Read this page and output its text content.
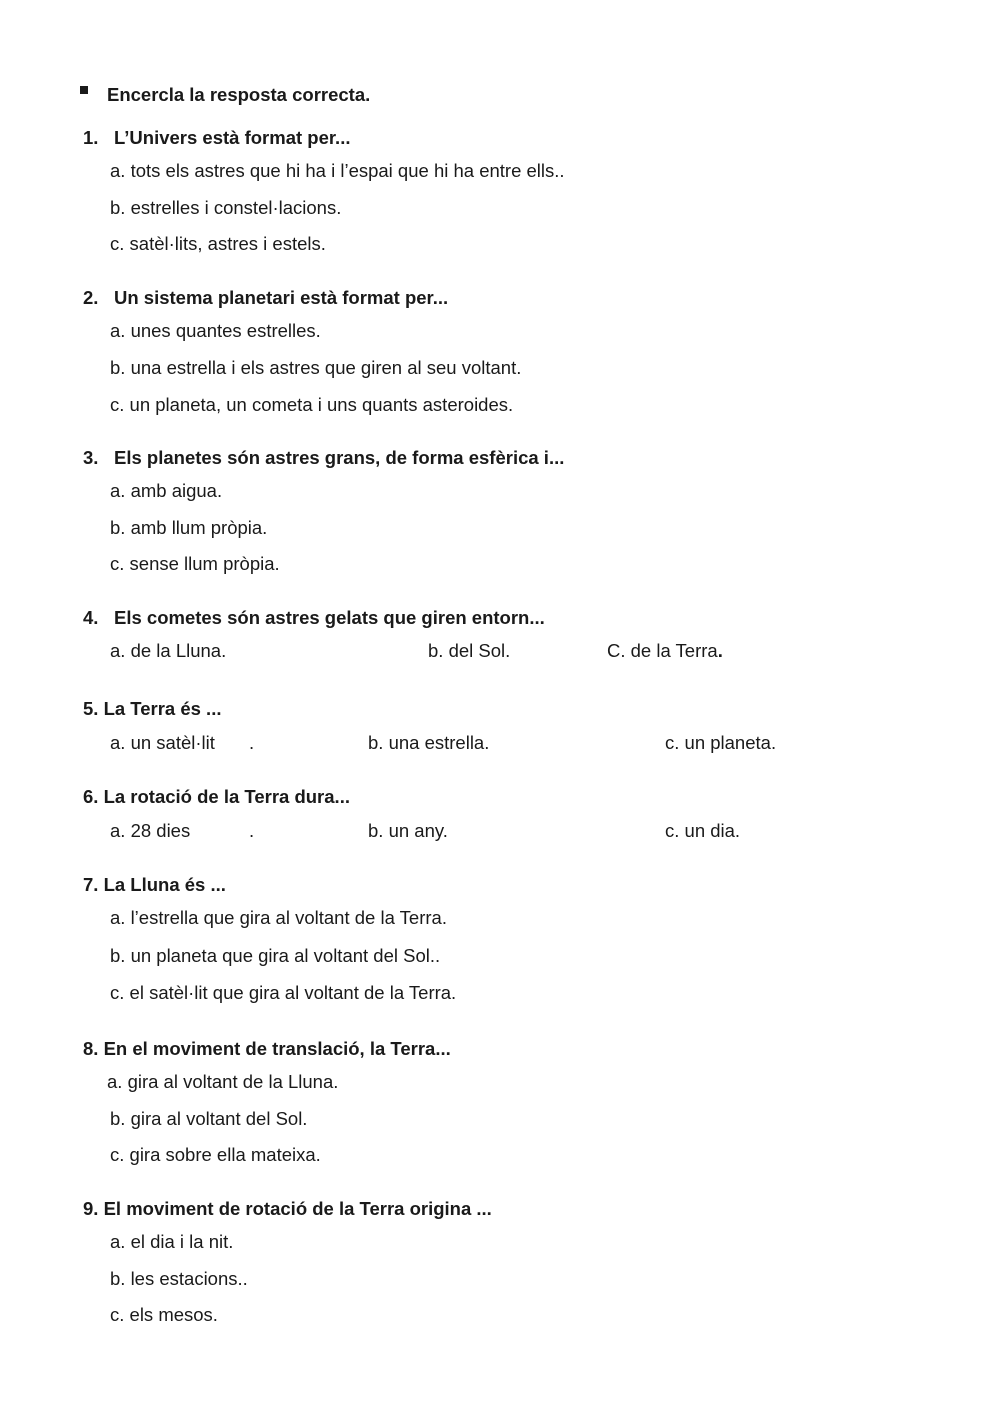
Encercla la resposta correcta.
1. L’Univers està format per...
a. tots els astres que hi ha i l’espai que hi ha entre ells..
b. estrelles i constel·lacions.
c. satèl·lits, astres i estels.
2. Un sistema planetari està format per...
a. unes quantes estrelles.
b. una estrella i els astres que giren al seu voltant.
c. un planeta, un cometa i uns quants asteroides.
3. Els planetes són astres grans, de forma esfèrica i...
a. amb aigua.
b. amb llum pròpia.
c. sense llum pròpia.
4. Els cometes són astres gelats que giren entorn...
a. de la Lluna.	b. del Sol.	C. de la Terra.
5. La Terra és ...
a. un satèl·lit .	b. una estrella.	c. un planeta.
6. La rotació de la Terra dura...
a. 28 dies	.	b. un any.	c. un dia.
7. La Lluna és ...
a. l’estrella que gira al voltant de la Terra.
b. un planeta que gira al voltant del Sol..
c. el satèl·lit que gira al voltant de la Terra.
8. En el moviment de translació, la Terra...
a. gira al voltant de la Lluna.
b. gira al voltant del Sol.
c. gira sobre ella mateixa.
9. El moviment de rotació de la Terra origina ...
a. el dia i la nit.
b. les estacions..
c. els mesos.
